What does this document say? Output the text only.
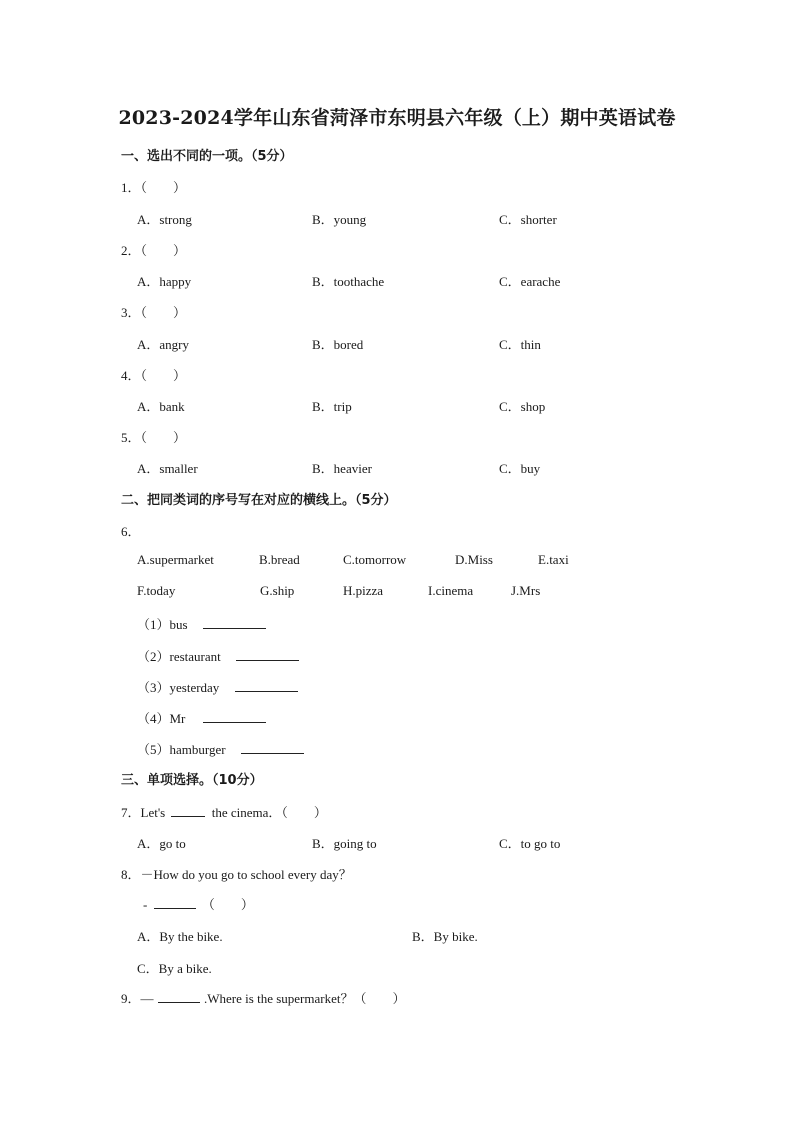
2023-2024学年山东省菏泽市东明县六年级（上）期中英语试卷
一、选出不同的一项。（5分）
1．（　　）
A．strong	B．young	C．shorter
2．（　　）
A．happy	B．toothache	C．earache
3．（　　）
A．angry	B．bored	C．thin
4．（　　）
A．bank	B．trip	C．shop
5．（　　）
A．smaller	B．heavier	C．buy
二、把同类词的序号写在对应的横线上。（5分）
6．
A.supermarket	B.bread	C.tomorrow	D.Miss	E.taxi
F.today	G.ship	H.pizza	I.cinema	J.Mrs
（1）bus
（2）restaurant
（3）yesterday
（4）Mr
（5）hamburger
三、单项选择。（10分）
7．Let's	the cinema．（　　）
A．go to	B．going to	C．to go to
8．－How do you go to school every day？
-	（　　）
A．By the bike.	B．By bike.
C．By a bike.
9．—	.Where is the supermarket？（　　）
